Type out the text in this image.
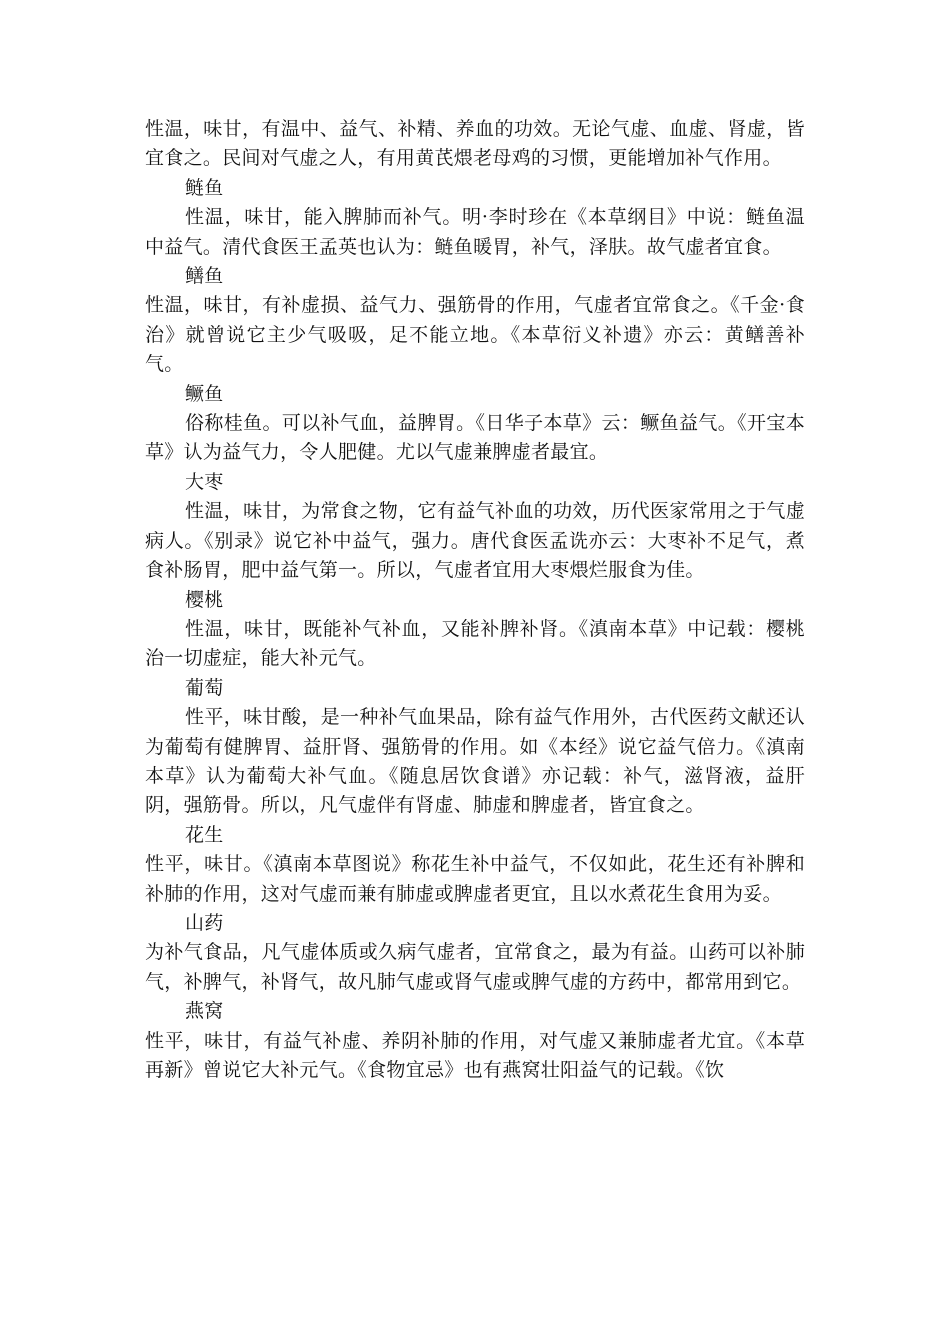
性温，味甘，有温中、益气、补精、养血的功效。无论气虚、血虚、肾虚，皆宜食之。民间对气虚之人，有用黄芪煨老母鸡的习惯，更能增加补气作用。

鲢鱼

性温，味甘，能入脾肺而补气。明·李时珍在《本草纲目》中说：鲢鱼温中益气。清代食医王孟英也认为：鲢鱼暖胃，补气，泽肤。故气虚者宜食。

鳝鱼

性温，味甘，有补虚损、益气力、强筋骨的作用，气虚者宜常食之。《千金·食治》就曾说它主少气吸吸，足不能立地。《本草衍义补遗》亦云：黄鳝善补气。

鳜鱼

俗称桂鱼。可以补气血，益脾胃。《日华子本草》云：鳜鱼益气。《开宝本草》认为益气力，令人肥健。尤以气虚兼脾虚者最宜。

大枣

性温，味甘，为常食之物，它有益气补血的功效，历代医家常用之于气虚病人。《别录》说它补中益气，强力。唐代食医孟诜亦云：大枣补不足气，煮食补肠胃，肥中益气第一。所以，气虚者宜用大枣煨烂服食为佳。

樱桃

性温，味甘，既能补气补血，又能补脾补肾。《滇南本草》中记载：樱桃治一切虚症，能大补元气。

葡萄

性平，味甘酸，是一种补气血果品，除有益气作用外，古代医药文献还认为葡萄有健脾胃、益肝肾、强筋骨的作用。如《本经》说它益气倍力。《滇南本草》认为葡萄大补气血。《随息居饮食谱》亦记载：补气，滋肾液，益肝阴，强筋骨。所以，凡气虚伴有肾虚、肺虚和脾虚者，皆宜食之。

花生

性平，味甘。《滇南本草图说》称花生补中益气，不仅如此，花生还有补脾和补肺的作用，这对气虚而兼有肺虚或脾虚者更宜，且以水煮花生食用为妥。

山药

为补气食品，凡气虚体质或久病气虚者，宜常食之，最为有益。山药可以补肺气，补脾气，补肾气，故凡肺气虚或肾气虚或脾气虚的方药中，都常用到它。

燕窝

性平，味甘，有益气补虚、养阴补肺的作用，对气虚又兼肺虚者尤宜。《本草再新》曾说它大补元气。《食物宜忌》也有燕窝壮阳益气的记载。《饮
